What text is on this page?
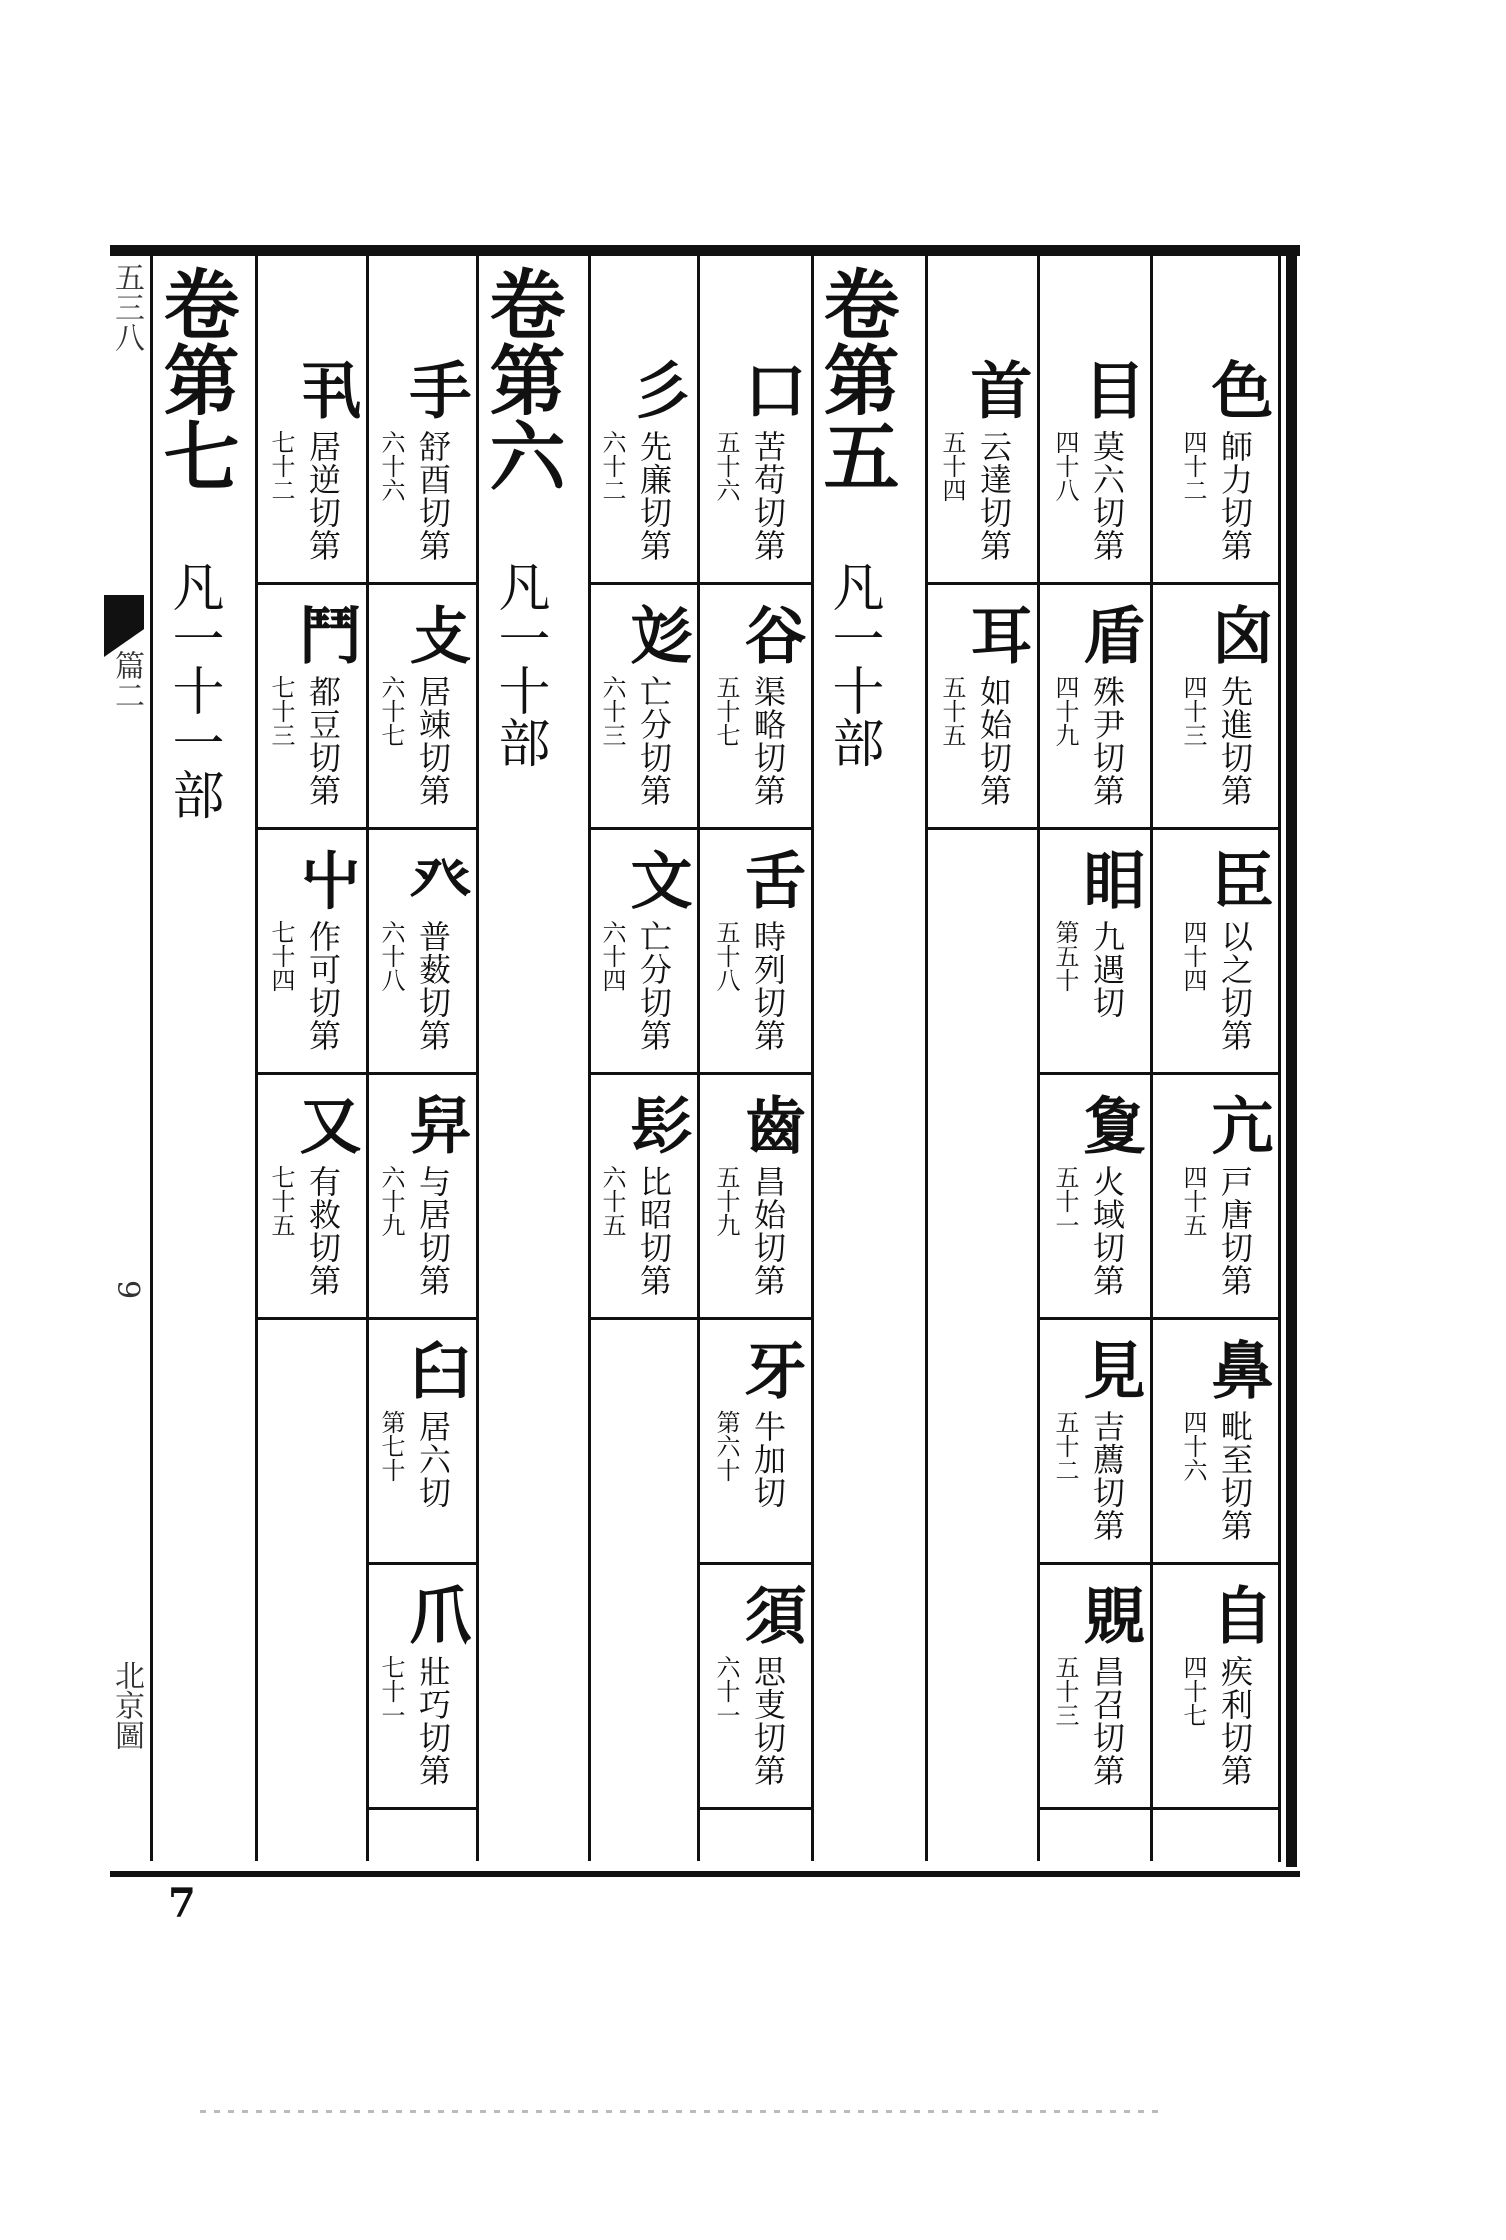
五三八
篇二
9
北京圖
卷第七
凡一十一部
卷第六
凡一十部
卷第五
凡一十部
色
師力切第
四十二
囟
先進切第
四十三
臣
以之切第
四十四
亢
戸唐切第
四十五
鼻
毗至切第
四十六
自
疾利切第
四十七
目
莫六切第
四十八
盾
殊尹切第
四十九
䀠
九遇切
第五十
夐
火域切第
五十一
見
吉薦切第
五十二
覞
昌召切第
五十三
首
云達切第
五十四
耳
如始切第
五十五
口
苦苟切第
五十六
谷
渠略切第
五十七
舌
時列切第
五十八
齒
昌始切第
五十九
牙
牛加切
第六十
須
思叓切第
六十一
彡
先廉切第
六十二
彣
亡分切第
六十三
文
亡分切第
六十四
髟
比昭切第
六十五
手
舒酉切第
六十六
攴
居竦切第
六十七
癶
普薮切第
六十八
舁
与居切第
六十九
臼
居六切
第七十
爪
壯巧切第
七十一
丮
居逆切第
七十二
鬥
都豆切第
七十三
屮
作可切第
七十四
又
有救切第
七十五
7
